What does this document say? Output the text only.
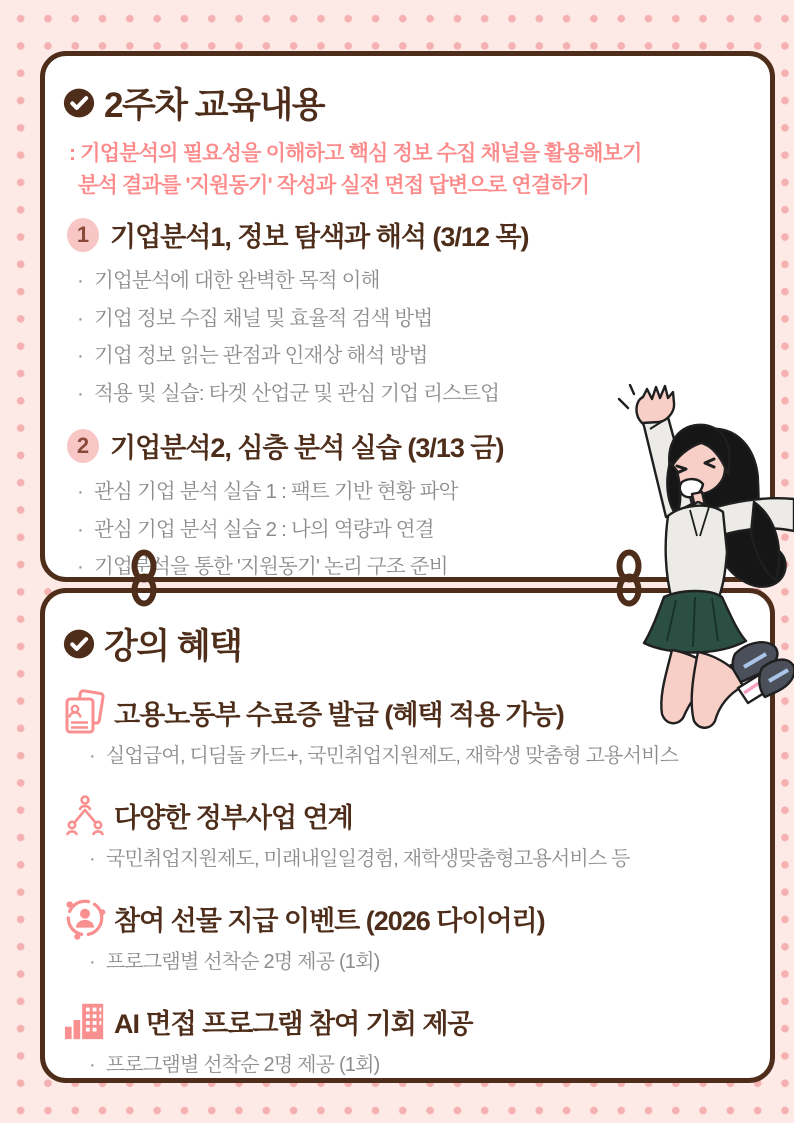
2주차 교육내용

: 기업분석의 필요성을 이해하고 핵심 정보 수집 채널을 활용해보기
분석 결과를 '지원동기' 작성과 실전 면접 답변으로 연결하기

1 기업분석1, 정보 탐색과 해석 (3/12 목)
· 기업분석에 대한 완벽한 목적 이해
· 기업 정보 수집 채널 및 효율적 검색 방법
· 기업 정보 읽는 관점과 인재상 해석 방법
· 적용 및 실습: 타겟 산업군 및 관심 기업 리스트업
2 기업분석2, 심층 분석 실습 (3/13 금)
· 관심 기업 분석 실습 1 : 팩트 기반 현황 파악
· 관심 기업 분석 실습 2 : 나의 역량과 연결
· 기업분석을 통한 '지원동기' 논리 구조 준비
강의 혜택
고용노동부 수료증 발급 (혜택 적용 가능)
· 실업급여, 디딤돌 카드+, 국민취업지원제도, 재학생 맞춤형 고용서비스
다양한 정부사업 연계
· 국민취업지원제도, 미래내일일경험, 재학생맞춤형고용서비스 등
참여 선물 지급 이벤트 (2026 다이어리)
· 프로그램별 선착순 2명 제공 (1회)
AI 면접 프로그램 참여 기회 제공
· 프로그램별 선착순 2명 제공 (1회)
